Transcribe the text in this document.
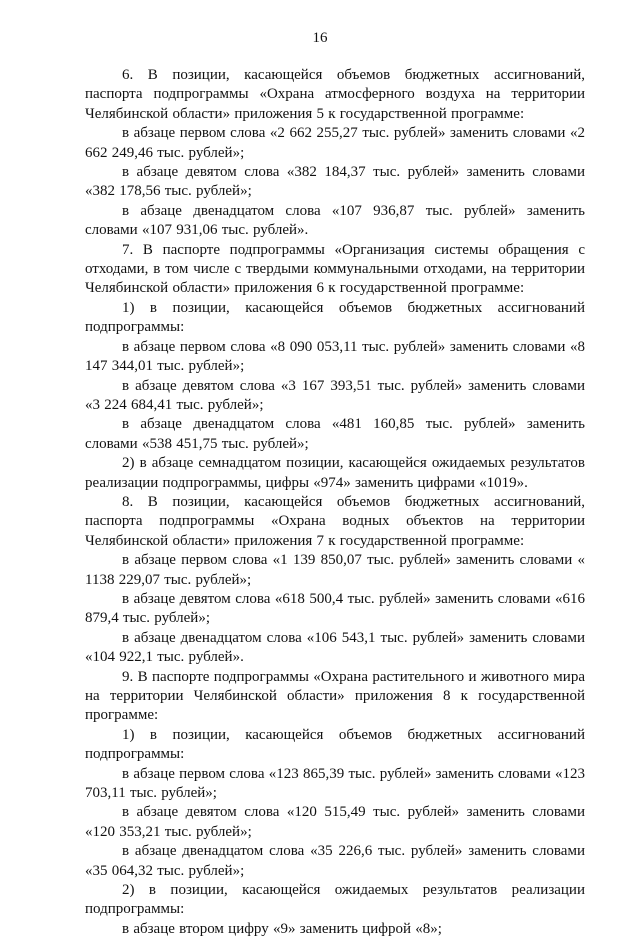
16

6. В позиции, касающейся объемов бюджетных ассигнований, паспорта подпрограммы «Охрана атмосферного воздуха на территории Челябинской области» приложения 5 к государственной программе:

в абзаце первом слова «2 662 255,27 тыс. рублей» заменить словами «2 662 249,46 тыс. рублей»;

в абзаце девятом слова «382 184,37 тыс. рублей» заменить словами «382 178,56 тыс. рублей»;

в абзаце двенадцатом слова «107 936,87 тыс. рублей» заменить словами «107 931,06 тыс. рублей».

7. В паспорте подпрограммы «Организация системы обращения с отходами, в том числе с твердыми коммунальными отходами, на территории Челябинской области» приложения 6 к государственной программе:

1) в позиции, касающейся объемов бюджетных ассигнований подпрограммы:

в абзаце первом слова «8 090 053,11 тыс. рублей» заменить словами «8 147 344,01 тыс. рублей»;

в абзаце девятом слова «3 167 393,51 тыс. рублей» заменить словами «3 224 684,41 тыс. рублей»;

в абзаце двенадцатом слова «481 160,85 тыс. рублей» заменить словами «538 451,75 тыс. рублей»;

2) в абзаце семнадцатом позиции, касающейся ожидаемых результатов реализации подпрограммы, цифры «974» заменить цифрами «1019».

8. В позиции, касающейся объемов бюджетных ассигнований, паспорта подпрограммы «Охрана водных объектов на территории Челябинской области» приложения 7 к государственной программе:

в абзаце первом слова «1 139 850,07 тыс. рублей» заменить словами « 1138 229,07 тыс. рублей»;

в абзаце девятом слова «618 500,4 тыс. рублей» заменить словами «616 879,4 тыс. рублей»;

в абзаце двенадцатом слова «106 543,1 тыс. рублей» заменить словами «104 922,1 тыс. рублей».

9. В паспорте подпрограммы «Охрана растительного и животного мира на территории Челябинской области» приложения 8 к государственной программе:

1) в позиции, касающейся объемов бюджетных ассигнований подпрограммы:

в абзаце первом слова «123 865,39 тыс. рублей» заменить словами «123 703,11 тыс. рублей»;

в абзаце девятом слова «120 515,49 тыс. рублей» заменить словами «120 353,21 тыс. рублей»;

в абзаце двенадцатом слова «35 226,6 тыс. рублей» заменить словами «35 064,32 тыс. рублей»;

2) в позиции, касающейся ожидаемых результатов реализации подпрограммы:

в абзаце втором цифру «9» заменить цифрой «8»;
